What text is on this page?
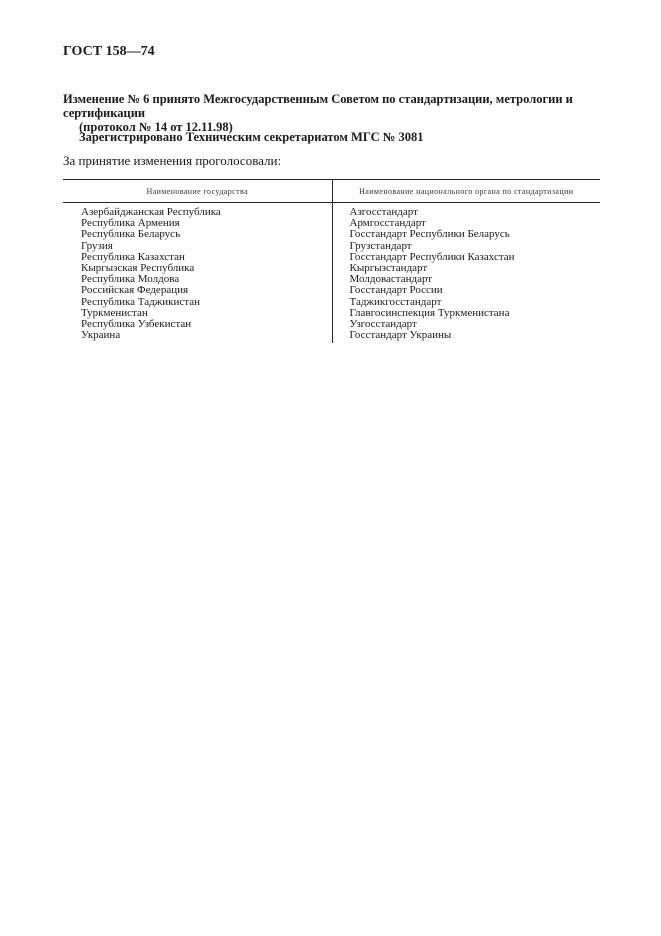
ГОСТ 158—74

Изменение № 6 принято Межгосударственным Советом по стандартизации, метрологии и сертификации
(протокол № 14 от 12.11.98)

Зарегистрировано Техническим секретариатом МГС № 3081

За принятие изменения проголосовали:

Наименование государства	Наименование национального органа по стандартизации
Азербайджанская Республика	Азгосстандарт
Республика Армения	Армгосстандарт
Республика Беларусь	Госстандарт Республики Беларусь
Грузия	Грузстандарт
Республика Казахстан	Госстандарт Республики Казахстан
Кыргызская Республика	Кыргызстандарт
Республика Молдова	Молдовастандарт
Российская Федерация	Госстандарт России
Республика Таджикистан	Таджикгосстандарт
Туркменистан	Главгосинспекция Туркменистана
Республика Узбекистан	Узгосстандарт
Украина	Госстандарт Украины
